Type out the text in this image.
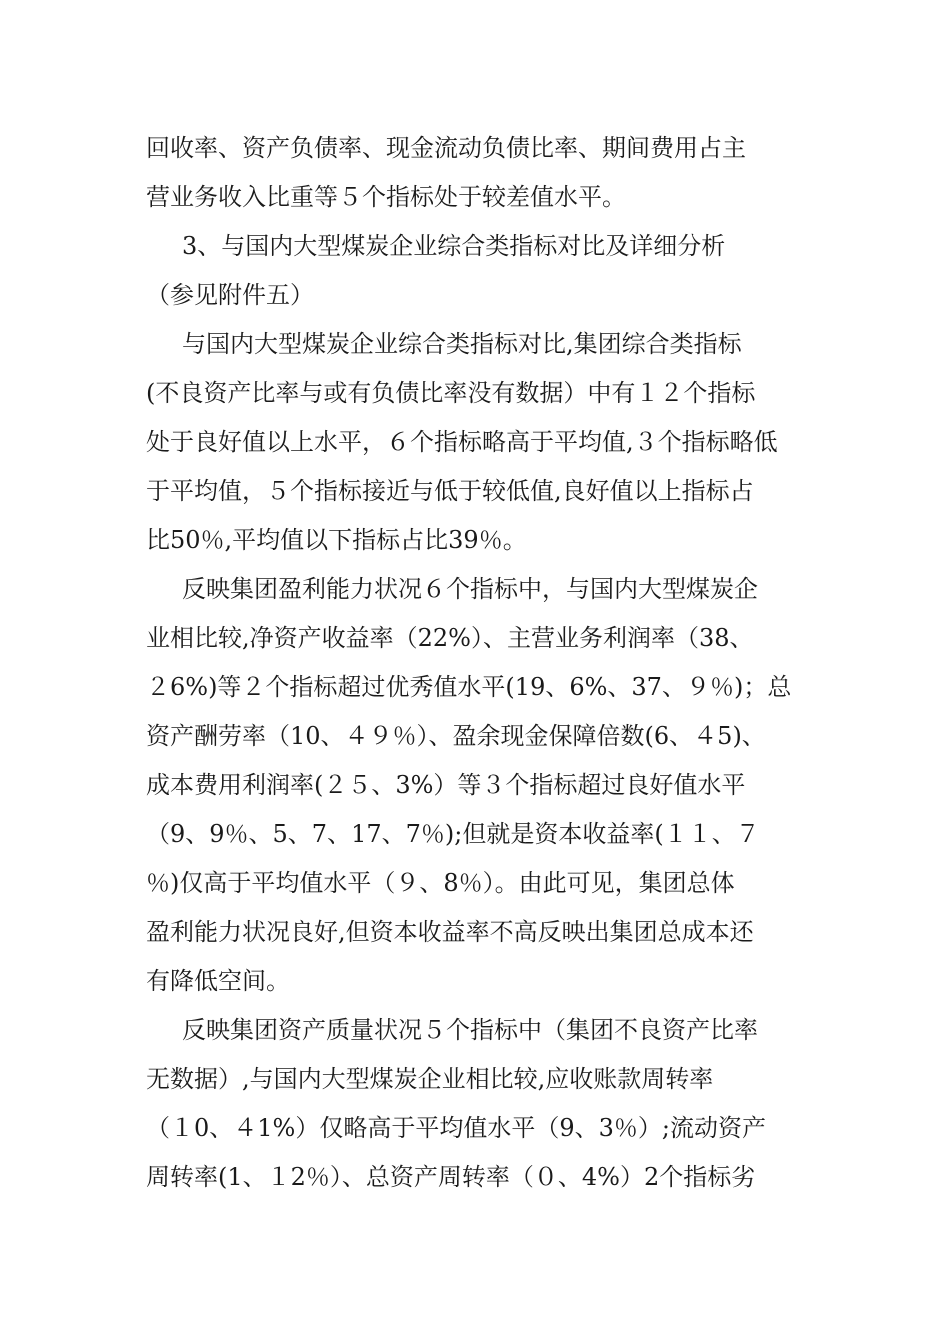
回收率、资产负债率、现金流动负债比率、期间费用占主
营业务收入比重等５个指标处于较差值水平。
3、与国内大型煤炭企业综合类指标对比及详细分析
（参见附件五）
与国内大型煤炭企业综合类指标对比,集团综合类指标
(不良资产比率与或有负债比率没有数据）中有１２个指标
处于良好值以上水平，６个指标略高于平均值,３个指标略低
于平均值，５个指标接近与低于较低值,良好值以上指标占
比50％,平均值以下指标占比39％。
反映集团盈利能力状况６个指标中，与国内大型煤炭企
业相比较,净资产收益率（22%）、主营业务利润率（38、
２6%)等２个指标超过优秀值水平(19、6%、37、９％)；总
资产酬劳率（10、４９％）、盈余现金保障倍数(6、４5)、
成本费用利润率(２５、3%）等３个指标超过良好值水平
（9、9％、5、7、17、7％);但就是资本收益率(１１、７
％)仅高于平均值水平（９、8％）。由此可见，集团总体
盈利能力状况良好,但资本收益率不高反映出集团总成本还
有降低空间。
反映集团资产质量状况５个指标中（集团不良资产比率
无数据）,与国内大型煤炭企业相比较,应收账款周转率
（１0、４1%）仅略高于平均值水平（9、3％）;流动资产
周转率(1、１2％）、总资产周转率（０、4%）2个指标劣
